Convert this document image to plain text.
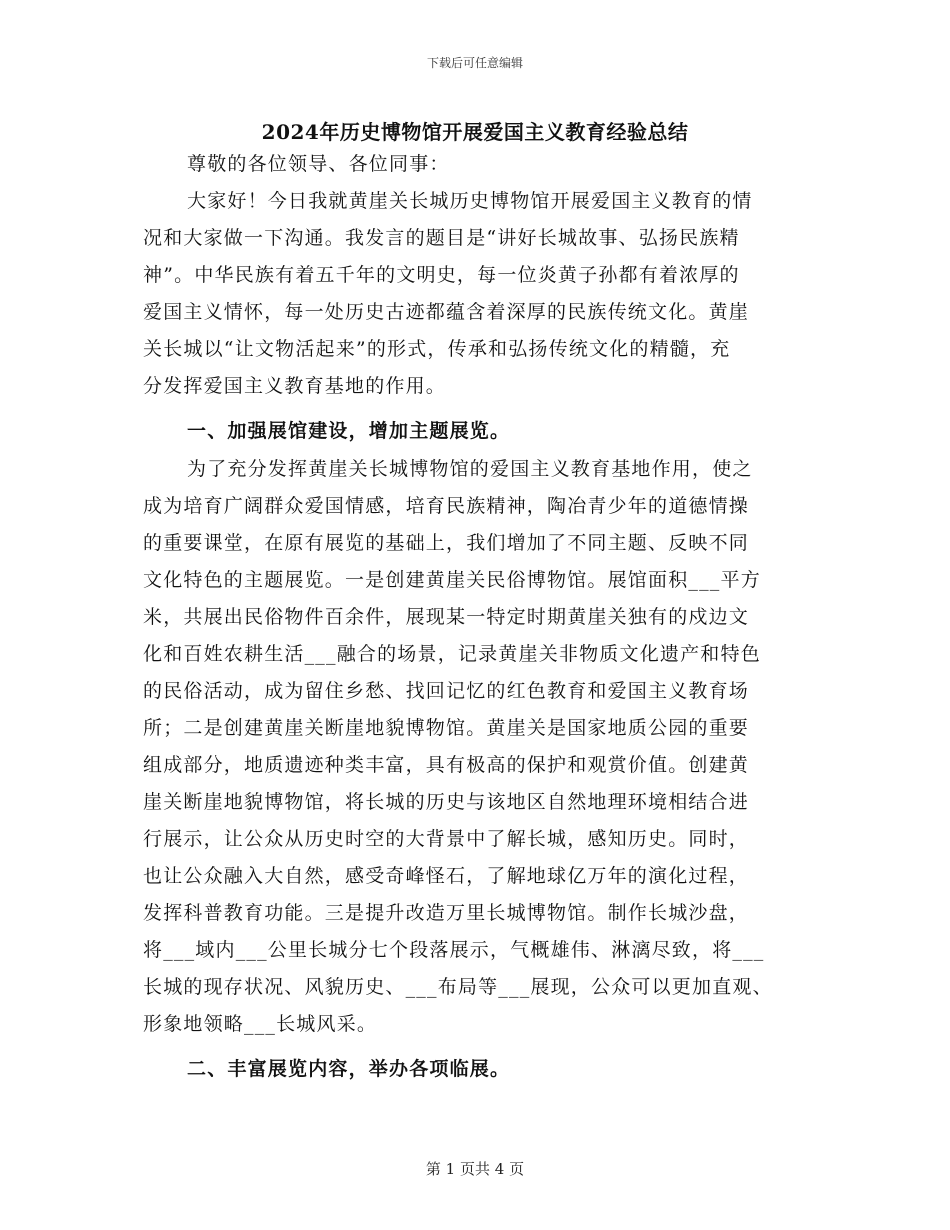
下载后可任意编辑
2024年历史博物馆开展爱国主义教育经验总结
尊敬的各位领导、各位同事：
大家好！今日我就黄崖关长城历史博物馆开展爱国主义教育的情
况和大家做一下沟通。我发言的题目是“讲好长城故事、弘扬民族精
神”。中华民族有着五千年的文明史，每一位炎黄子孙都有着浓厚的
爱国主义情怀，每一处历史古迹都蕴含着深厚的民族传统文化。黄崖
关长城以“让文物活起来”的形式，传承和弘扬传统文化的精髓，充
分发挥爱国主义教育基地的作用。
一、加强展馆建设，增加主题展览。
为了充分发挥黄崖关长城博物馆的爱国主义教育基地作用，使之
成为培育广阔群众爱国情感，培育民族精神，陶冶青少年的道德情操
的重要课堂，在原有展览的基础上，我们增加了不同主题、反映不同
文化特色的主题展览。一是创建黄崖关民俗博物馆。展馆面积___平方
米，共展出民俗物件百余件，展现某一特定时期黄崖关独有的戍边文
化和百姓农耕生活___融合的场景，记录黄崖关非物质文化遗产和特色
的民俗活动，成为留住乡愁、找回记忆的红色教育和爱国主义教育场
所；二是创建黄崖关断崖地貌博物馆。黄崖关是国家地质公园的重要
组成部分，地质遗迹种类丰富，具有极高的保护和观赏价值。创建黄
崖关断崖地貌博物馆，将长城的历史与该地区自然地理环境相结合进
行展示，让公众从历史时空的大背景中了解长城，感知历史。同时，
也让公众融入大自然，感受奇峰怪石，了解地球亿万年的演化过程，
发挥科普教育功能。三是提升改造万里长城博物馆。制作长城沙盘，
将___域内___公里长城分七个段落展示，气概雄伟、淋漓尽致，将___
长城的现存状况、风貌历史、___布局等___展现，公众可以更加直观、
形象地领略___长城风采。
二、丰富展览内容，举办各项临展。
第 1 页共 4 页
